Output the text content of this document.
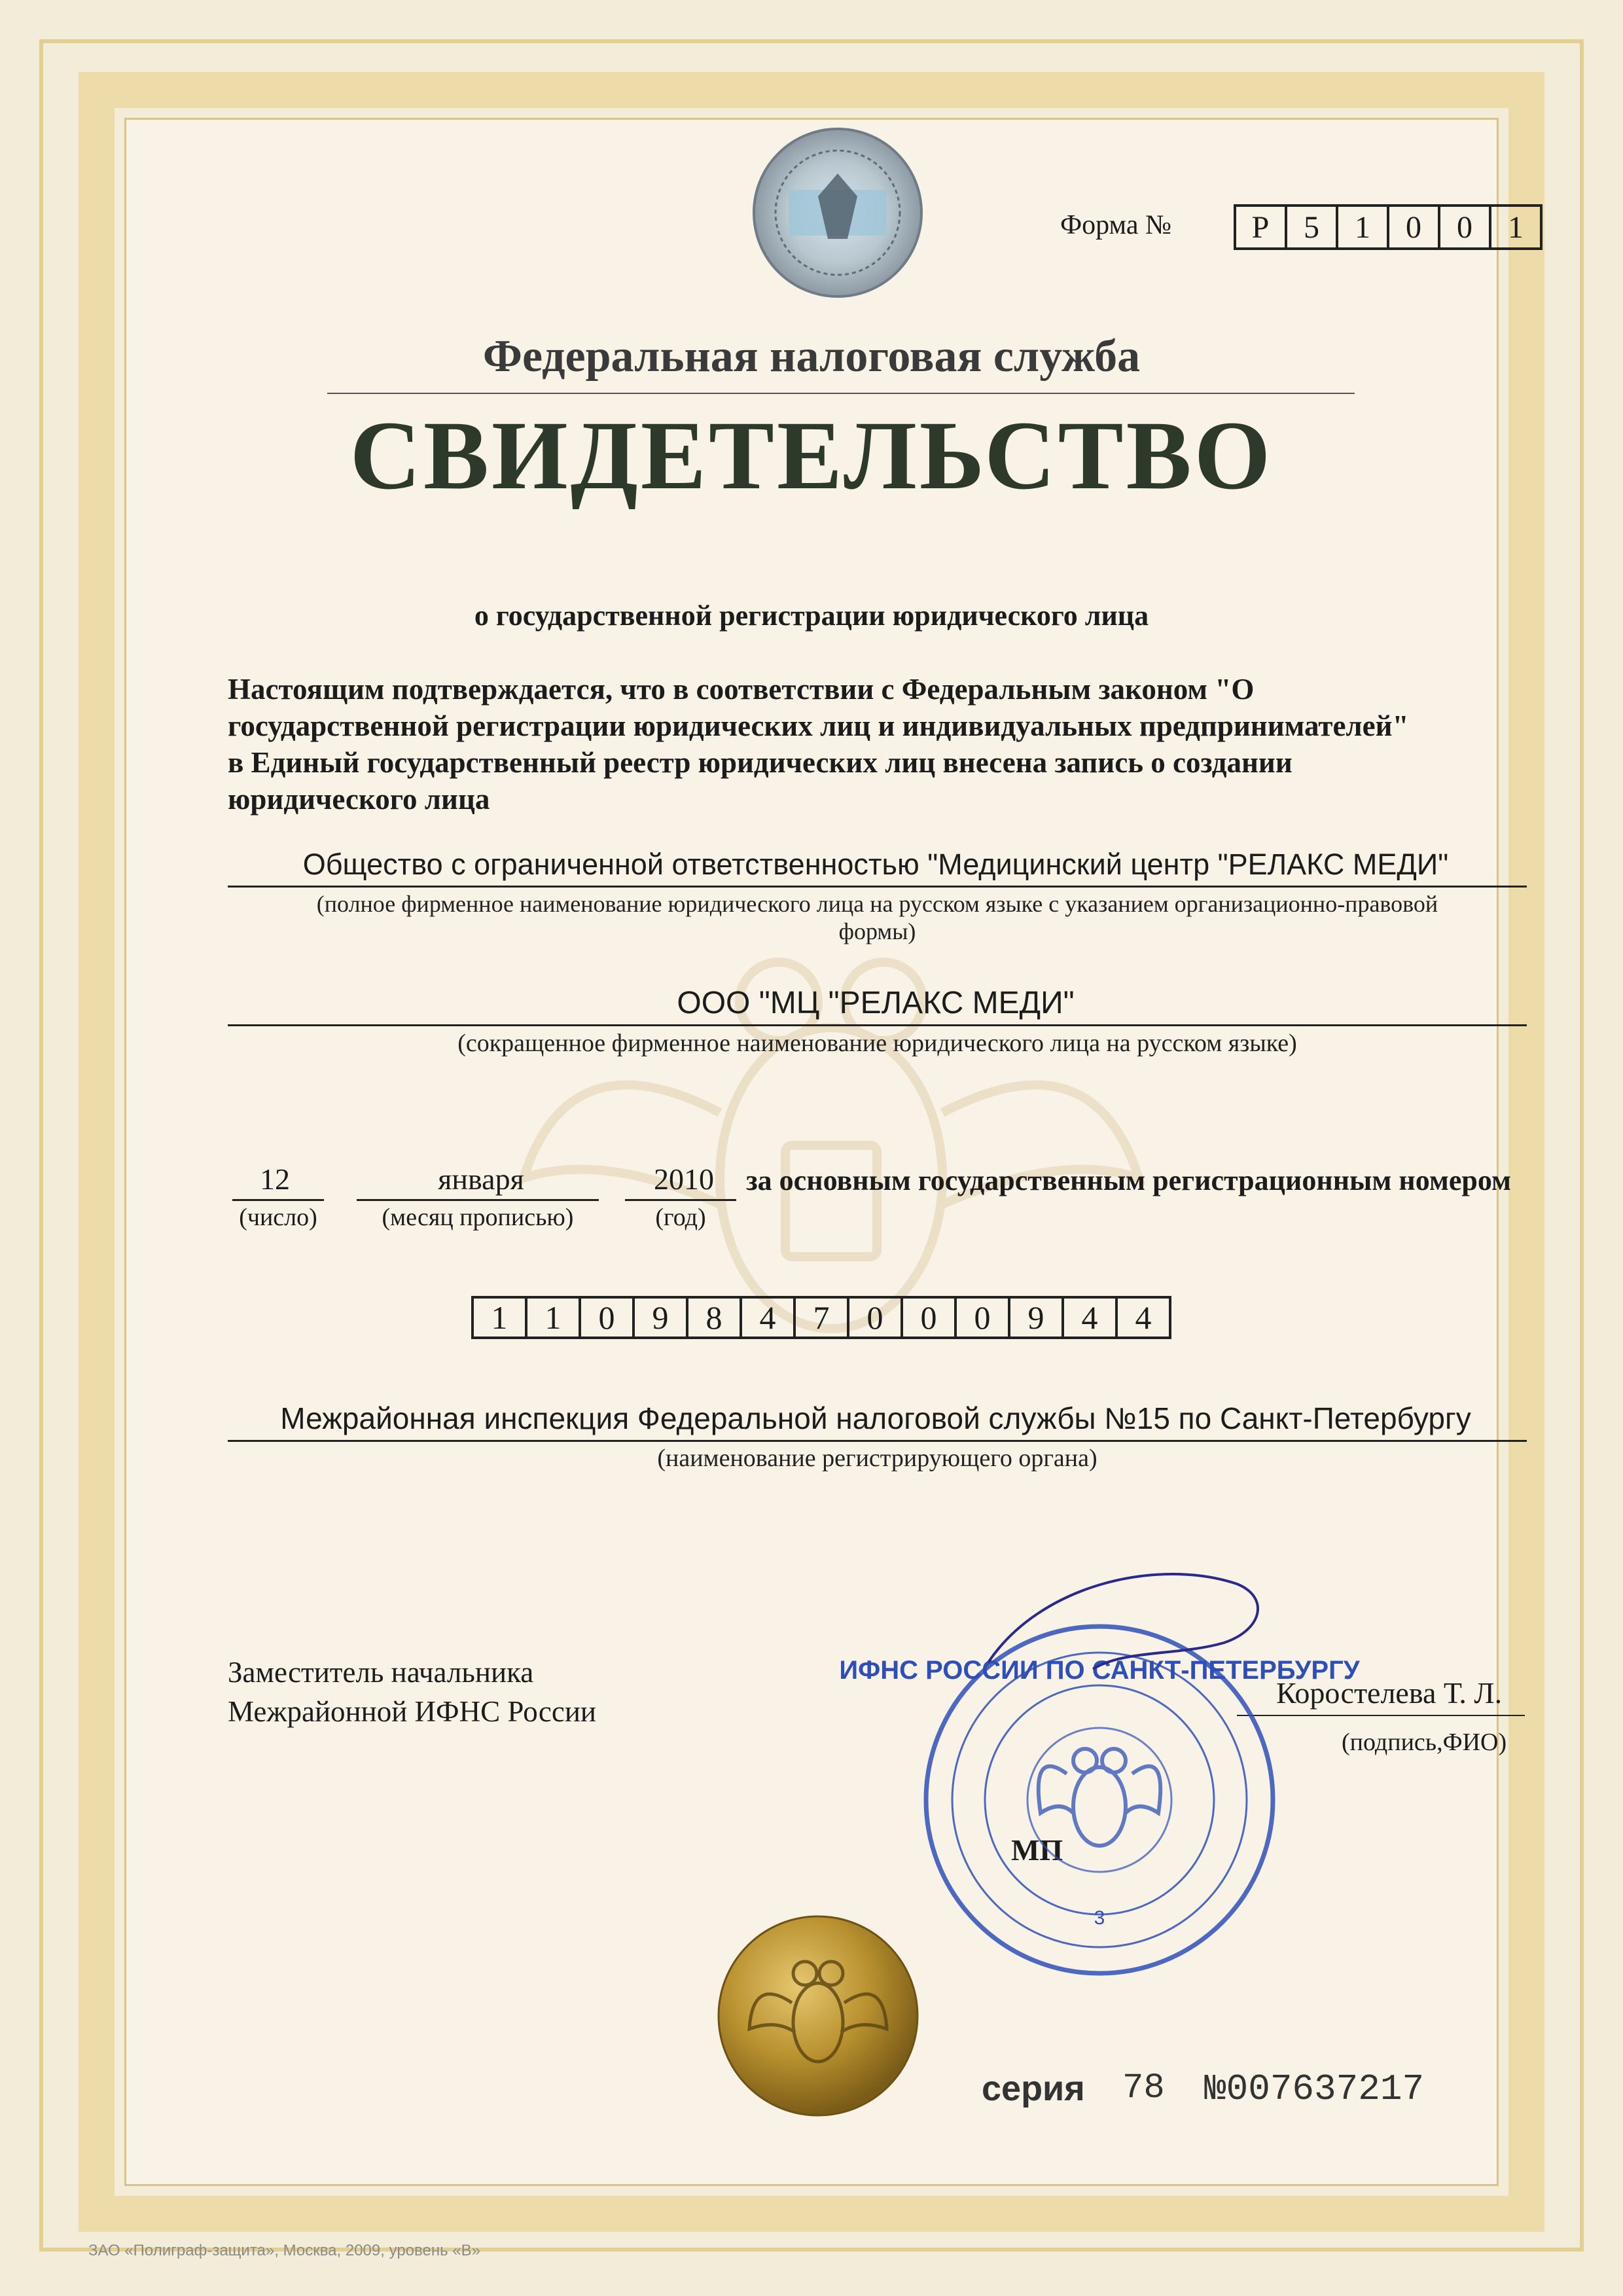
Форма №	Р	5	1	0	0	1
Федеральная налоговая служба
СВИДЕТЕЛЬСТВО
о государственной регистрации юридического лица
Настоящим подтверждается, что в соответствии с Федеральным законом "О
государственной регистрации юридических лиц и индивидуальных предпринимателей"
в Единый государственный реестр юридических лиц внесена запись о создании
юридического лица
Общество с ограниченной ответственностью "Медицинский центр "РЕЛАКС МЕДИ"
(полное фирменное наименование юридического лица на русском языке с указанием организационно-правовой
формы)
ООО "МЦ "РЕЛАКС МЕДИ"
(сокращенное фирменное наименование юридического лица на русском языке)
12
(число)
января
(месяц прописью)
2010
(год)
за основным государственным регистрационным номером
1	1	0	9	8	4	7	0	0	0	9	4	4
Межрайонная инспекция Федеральной налоговой службы №15 по Санкт-Петербургу
(наименование регистрирующего органа)
Заместитель начальника
Межрайонной ИФНС России
Коростелева Т. Л.
(подпись,ФИО)
МП
3
ИФНС РОССИИ ПО САНКТ-ПЕТЕРБУРГУ
серия 78 №007637217
ЗАО «Полиграф-защита», Москва, 2009, уровень «В»
